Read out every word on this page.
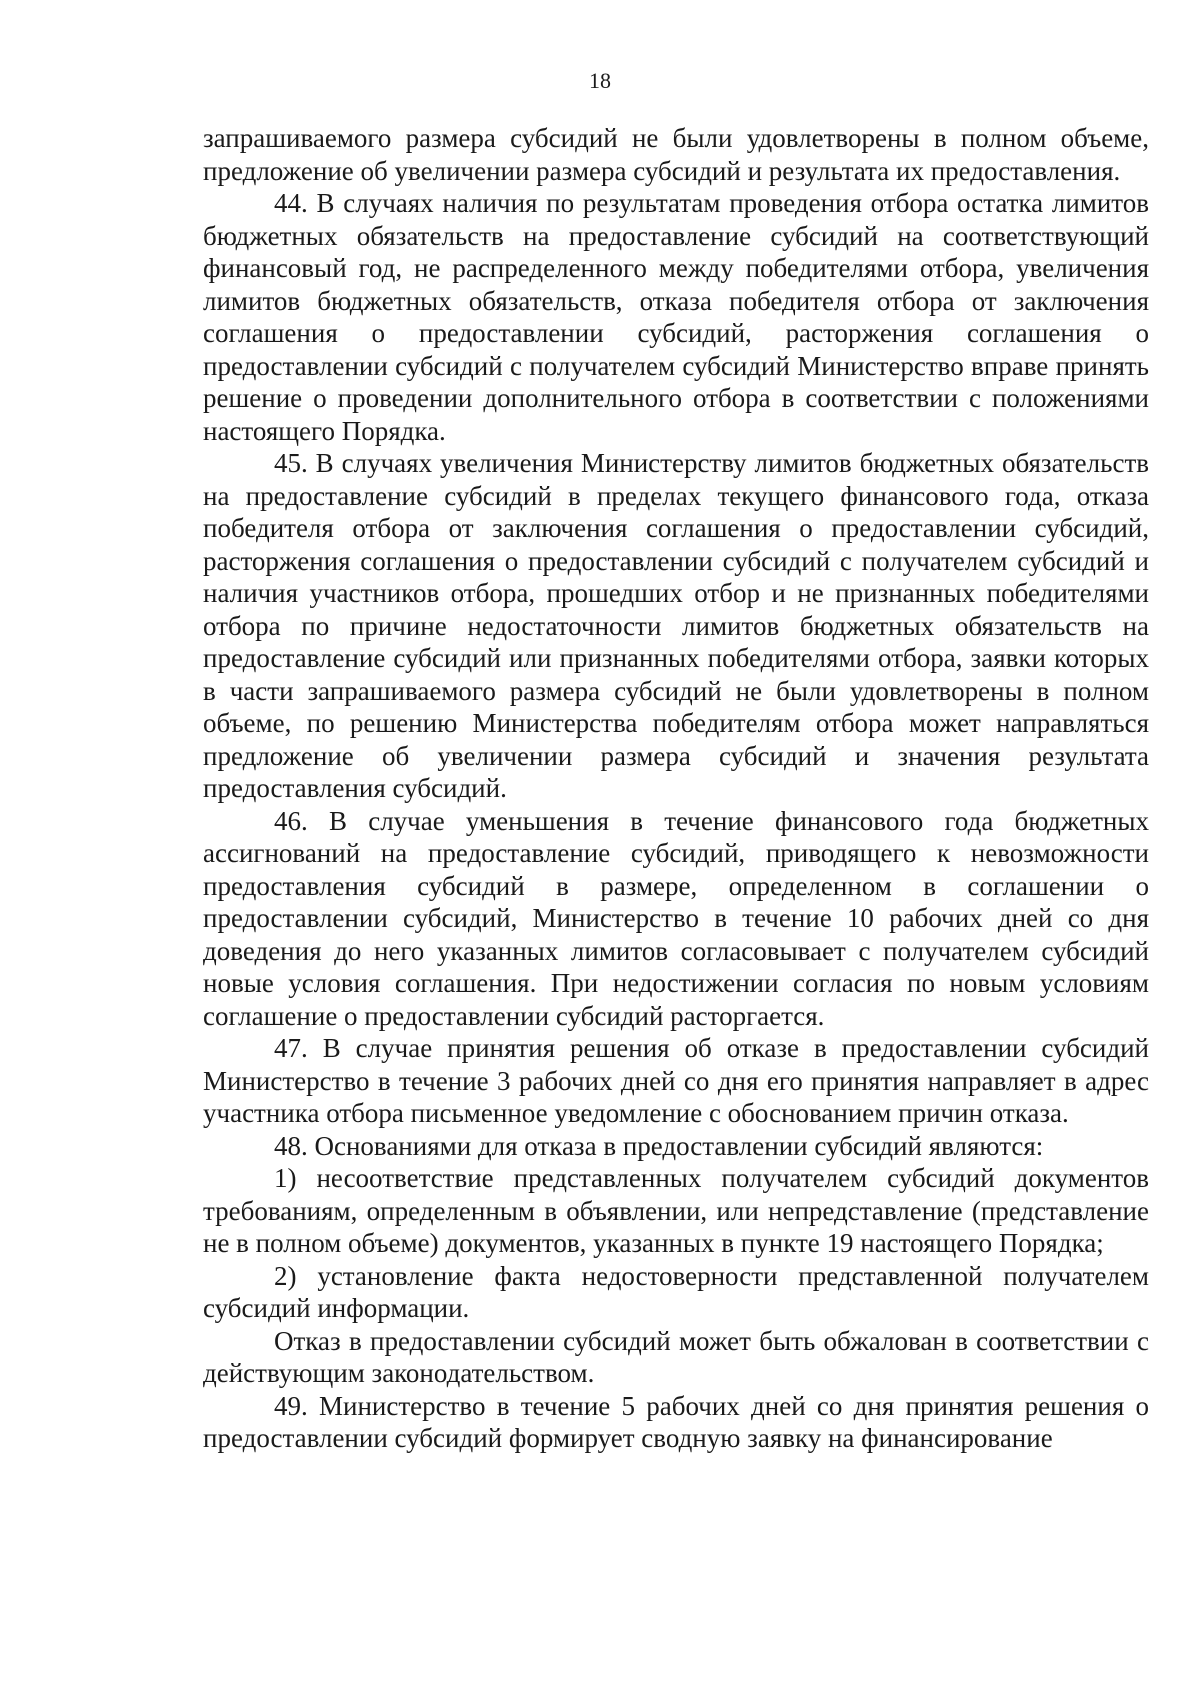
18

запрашиваемого размера субсидий не были удовлетворены в полном объеме, предложение об увеличении размера субсидий и результата их предоставления.

44. В случаях наличия по результатам проведения отбора остатка лимитов бюджетных обязательств на предоставление субсидий на соответствующий финансовый год, не распределенного между победителями отбора, увеличения лимитов бюджетных обязательств, отказа победителя отбора от заключения соглашения о предоставлении субсидий, расторжения соглашения о предоставлении субсидий с получателем субсидий Министерство вправе принять решение о проведении дополнительного отбора в соответствии с положениями настоящего Порядка.

45. В случаях увеличения Министерству лимитов бюджетных обязательств на предоставление субсидий в пределах текущего финансового года, отказа победителя отбора от заключения соглашения о предоставлении субсидий, расторжения соглашения о предоставлении субсидий с получателем субсидий и наличия участников отбора, прошедших отбор и не признанных победителями отбора по причине недостаточности лимитов бюджетных обязательств на предоставление субсидий или признанных победителями отбора, заявки которых в части запрашиваемого размера субсидий не были удовлетворены в полном объеме, по решению Министерства победителям отбора может направляться предложение об увеличении размера субсидий и значения результата предоставления субсидий.

46. В случае уменьшения в течение финансового года бюджетных ассигнований на предоставление субсидий, приводящего к невозможности предоставления субсидий в размере, определенном в соглашении о предоставлении субсидий, Министерство в течение 10 рабочих дней со дня доведения до него указанных лимитов согласовывает с получателем субсидий новые условия соглашения. При недостижении согласия по новым условиям соглашение о предоставлении субсидий расторгается.

47. В случае принятия решения об отказе в предоставлении субсидий Министерство в течение 3 рабочих дней со дня его принятия направляет в адрес участника отбора письменное уведомление с обоснованием причин отказа.

48. Основаниями для отказа в предоставлении субсидий являются:

1) несоответствие представленных получателем субсидий документов требованиям, определенным в объявлении, или непредставление (представление не в полном объеме) документов, указанных в пункте 19 настоящего Порядка;

2) установление факта недостоверности представленной получателем субсидий информации.

Отказ в предоставлении субсидий может быть обжалован в соответствии с действующим законодательством.

49. Министерство в течение 5 рабочих дней со дня принятия решения о предоставлении субсидий формирует сводную заявку на финансирование
